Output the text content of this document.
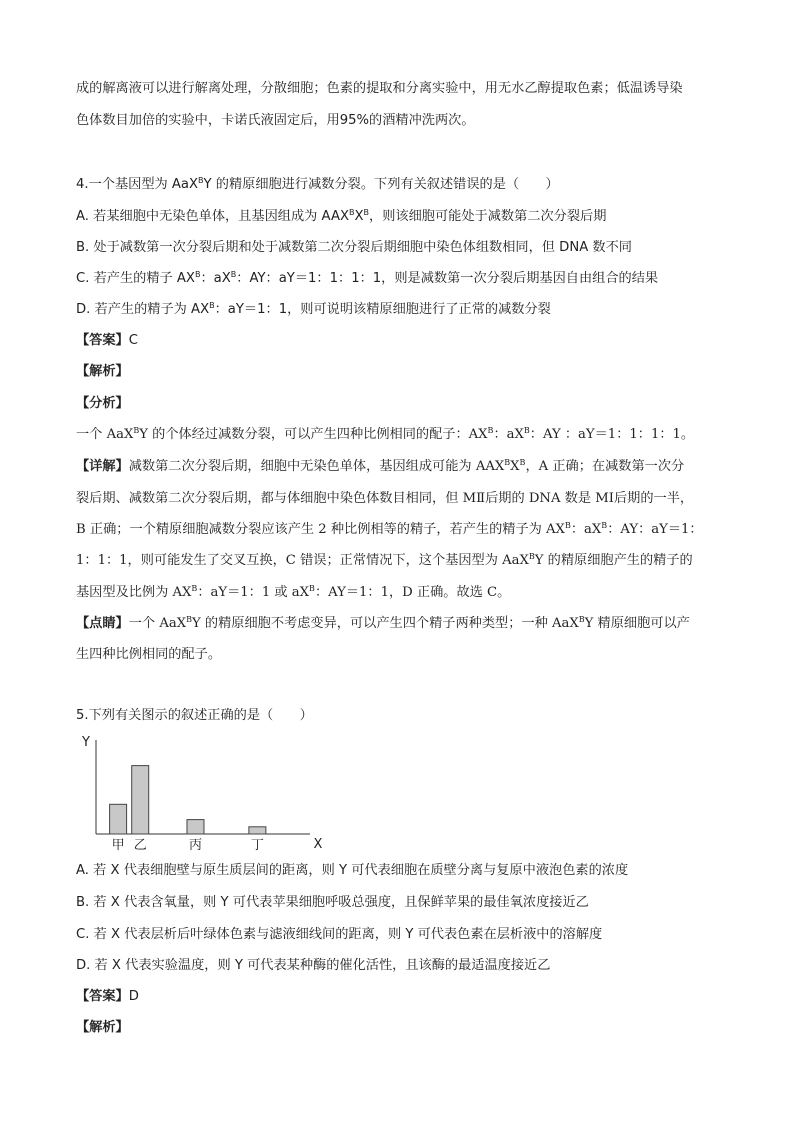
成的解离液可以进行解离处理，分散细胞；色素的提取和分离实验中，用无水乙醇提取色素；低温诱导染
色体数目加倍的实验中，卡诺氏液固定后，用95%的酒精冲洗两次。
4.一个基因型为 AaX$^B$Y 的精原细胞进行减数分裂。下列有关叙述错误的是（　　）
A. 若某细胞中无染色单体，且基因组成为 $AAX^BX^B$，则该细胞可能处于减数第二次分裂后期
B. 处于减数第一次分裂后期和处于减数第二次分裂后期细胞中染色体组数相同，但 DNA 数不同
C. 若产生的精子 $AX^B$：$aX^B$：AY：aY＝1：1：1：1，则是减数第一次分裂后期基因自由组合的结果
D. 若产生的精子为 $AX^B$：aY＝1：1，则可说明该精原细胞进行了正常的减数分裂
【答案】C
【解析】
【分析】
一个 AaX$^B$Y 的个体经过减数分裂，可以产生四种比例相同的配子：$AX^B$：$aX^B$：AY ：aY＝1：1：1：1。
【详解】减数第二次分裂后期，细胞中无染色单体，基因组成可能为 $AAX^BX^B$，A 正确；在减数第一次分
裂后期、减数第二次分裂后期，都与体细胞中染色体数目相同，但 MⅡ后期的 DNA 数是 MⅠ后期的一半，
B 正确；一个精原细胞减数分裂应该产生 2 种比例相等的精子，若产生的精子为 $AX^B$：$aX^B$：AY：aY＝1：
1：1：1，则可能发生了交叉互换，C 错误；正常情况下，这个基因型为 AaX$^B$Y 的精原细胞产生的精子的
基因型及比例为 $AX^B$：aY＝1：1 或 $aX^B$：AY＝1：1，D 正确。故选 C。
【点睛】一个 AaX$^B$Y 的精原细胞不考虑变异，可以产生四个精子两种类型；一种 AaX$^B$Y 精原细胞可以产
生四种比例相同的配子。
5.下列有关图示的叙述正确的是（　　）
Y
X
甲 乙	丙	丁
A. 若 X 代表细胞壁与原生质层间的距离，则 Y 可代表细胞在质壁分离与复原中液泡色素的浓度
B. 若 X 代表含氧量，则 Y 可代表苹果细胞呼吸总强度，且保鲜苹果的最佳氧浓度接近乙
C. 若 X 代表层析后叶绿体色素与滤液细线间的距离，则 Y 可代表色素在层析液中的溶解度
D. 若 X 代表实验温度，则 Y 可代表某种酶的催化活性，且该酶的最适温度接近乙
【答案】D
【解析】
